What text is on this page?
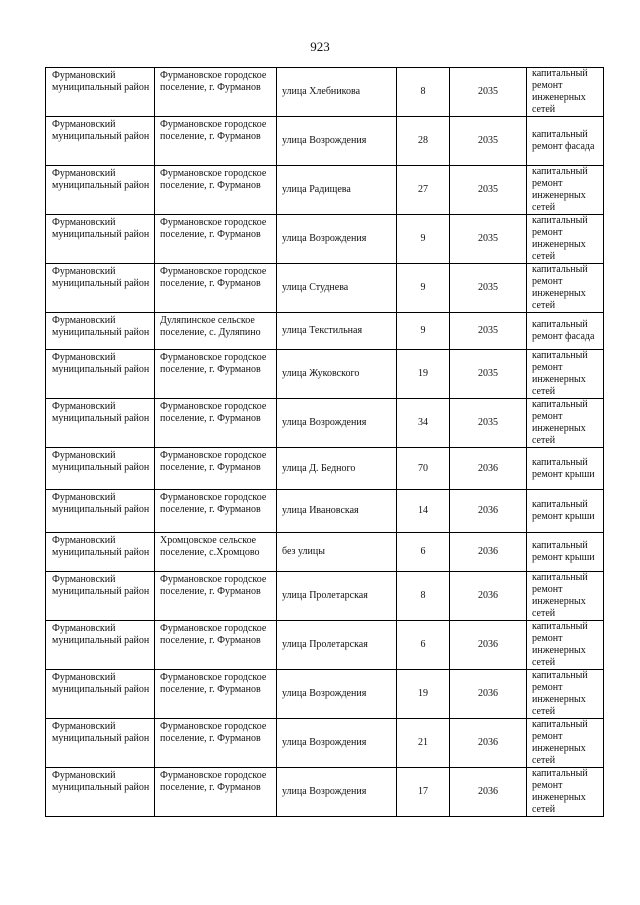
923
Фурмановский муниципальный район	Фурмановское городское поселение, г. Фурманов	улица Хлебникова	8	2035	капитальный ремонт инженерных сетей
Фурмановский муниципальный район	Фурмановское городское поселение, г. Фурманов	улица Возрождения	28	2035	капитальный ремонт фасада
Фурмановский муниципальный район	Фурмановское городское поселение, г. Фурманов	улица Радищева	27	2035	капитальный ремонт инженерных сетей
Фурмановский муниципальный район	Фурмановское городское поселение, г. Фурманов	улица Возрождения	9	2035	капитальный ремонт инженерных сетей
Фурмановский муниципальный район	Фурмановское городское поселение, г. Фурманов	улица Студнева	9	2035	капитальный ремонт инженерных сетей
Фурмановский муниципальный район	Дуляпинское сельское поселение, с. Дуляпино	улица Текстильная	9	2035	капитальный ремонт фасада
Фурмановский муниципальный район	Фурмановское городское поселение, г. Фурманов	улица Жуковского	19	2035	капитальный ремонт инженерных сетей
Фурмановский муниципальный район	Фурмановское городское поселение, г. Фурманов	улица Возрождения	34	2035	капитальный ремонт инженерных сетей
Фурмановский муниципальный район	Фурмановское городское поселение, г. Фурманов	улица Д. Бедного	70	2036	капитальный ремонт крыши
Фурмановский муниципальный район	Фурмановское городское поселение, г. Фурманов	улица Ивановская	14	2036	капитальный ремонт крыши
Фурмановский муниципальный район	Хромцовское сельское поселение, с.Хромцово	без улицы	6	2036	капитальный ремонт крыши
Фурмановский муниципальный район	Фурмановское городское поселение, г. Фурманов	улица Пролетарская	8	2036	капитальный ремонт инженерных сетей
Фурмановский муниципальный район	Фурмановское городское поселение, г. Фурманов	улица Пролетарская	6	2036	капитальный ремонт инженерных сетей
Фурмановский муниципальный район	Фурмановское городское поселение, г. Фурманов	улица Возрождения	19	2036	капитальный ремонт инженерных сетей
Фурмановский муниципальный район	Фурмановское городское поселение, г. Фурманов	улица Возрождения	21	2036	капитальный ремонт инженерных сетей
Фурмановский муниципальный район	Фурмановское городское поселение, г. Фурманов	улица Возрождения	17	2036	капитальный ремонт инженерных сетей
